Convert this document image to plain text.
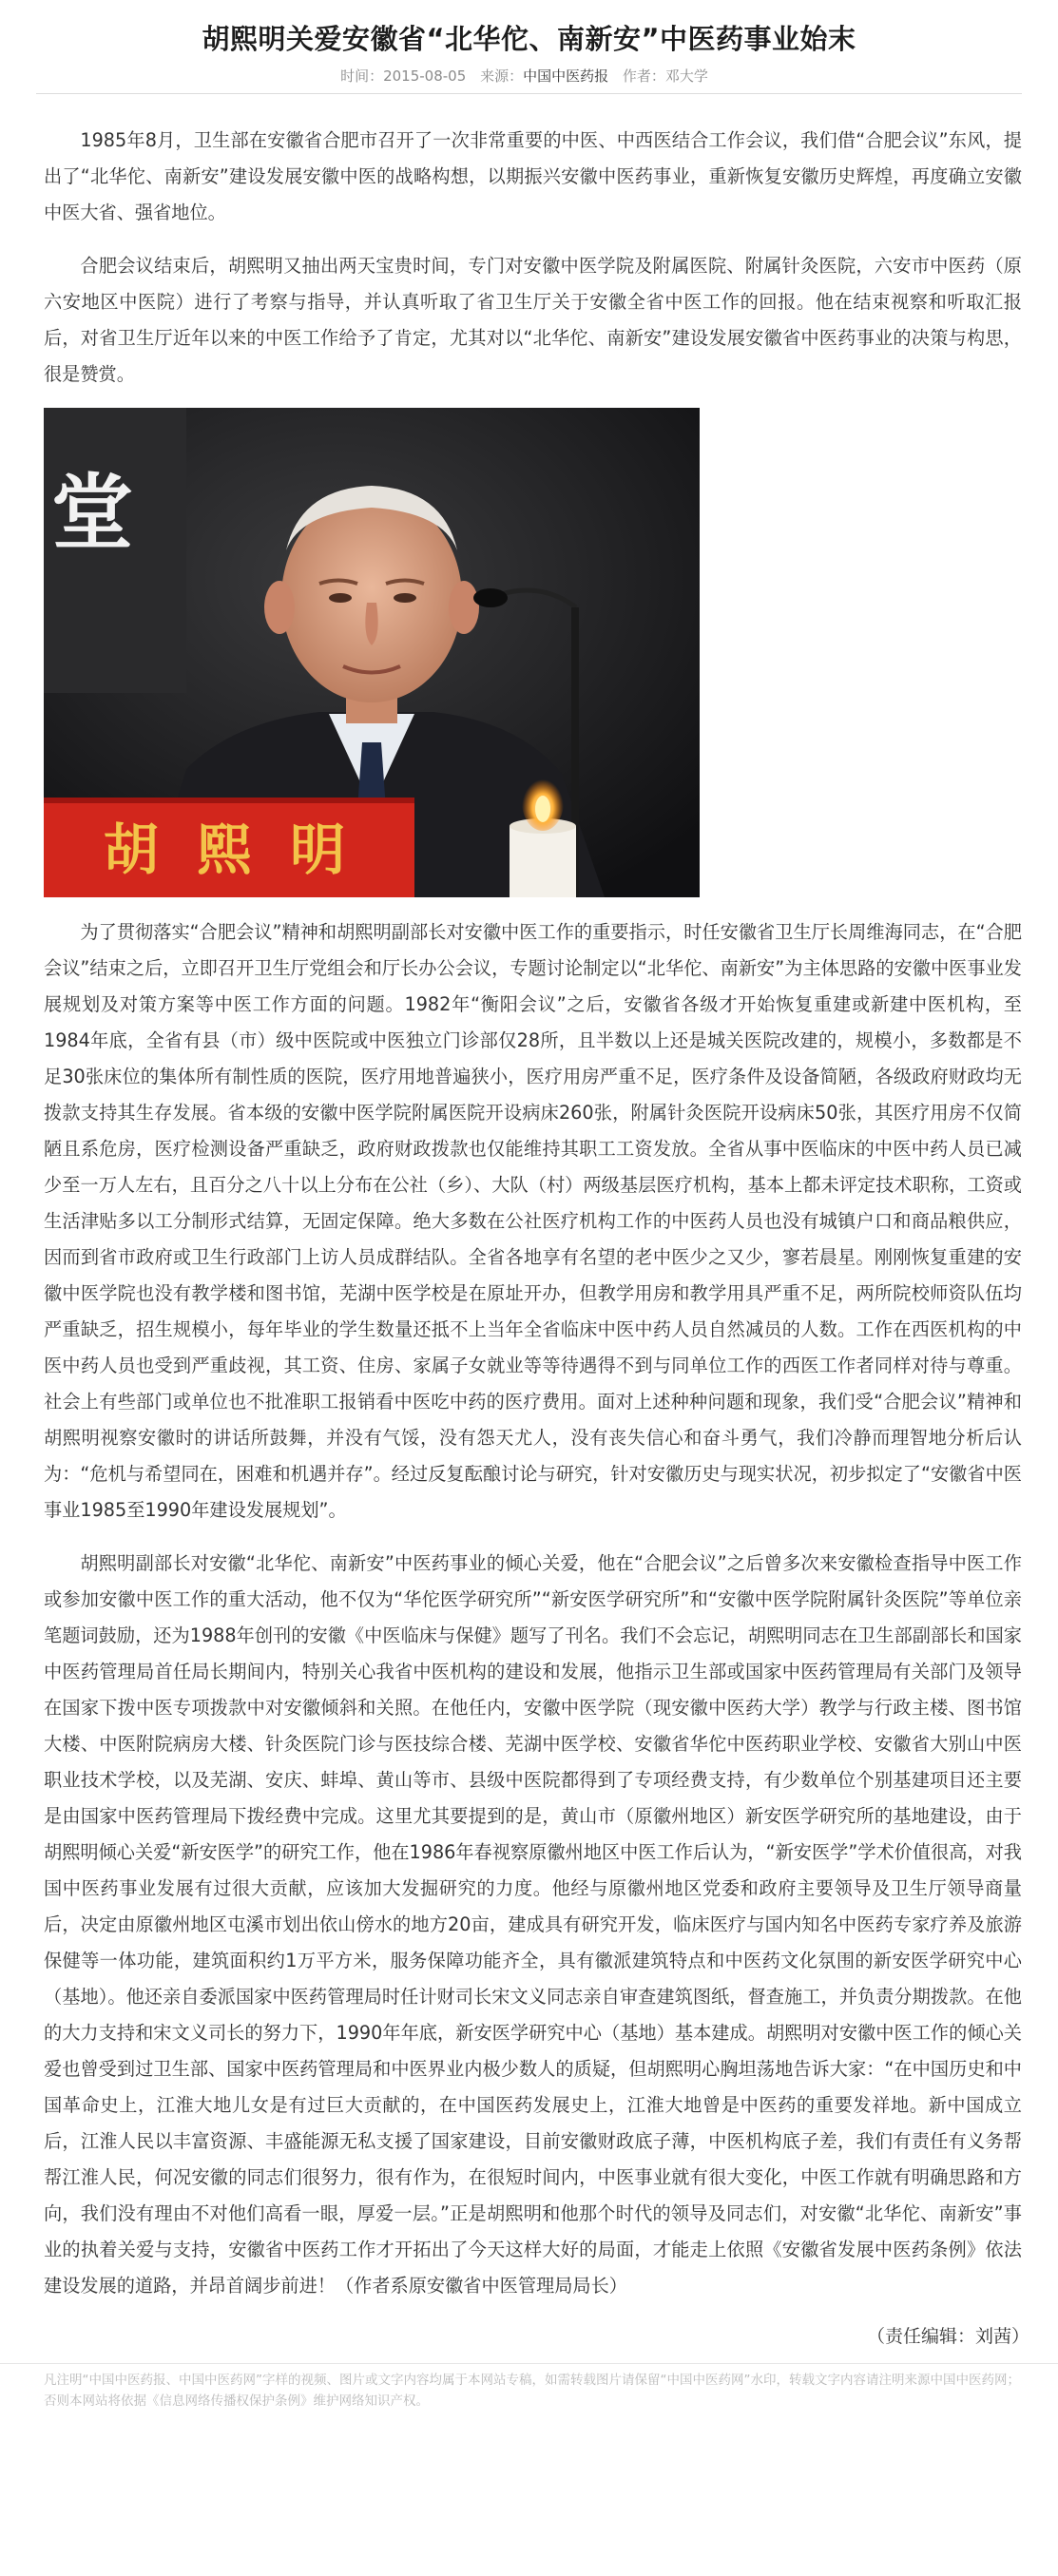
胡熙明关爱安徽省“北华佗、南新安”中医药事业始末
时间：2015-08-05 来源：中国中医药报 作者：邓大学

1985年8月，卫生部在安徽省合肥市召开了一次非常重要的中医、中西医结合工作会议，我们借“合肥会议”东风，提出了“北华佗、南新安”建设发展安徽中医的战略构想，以期振兴安徽中医药事业，重新恢复安徽历史辉煌，再度确立安徽中医大省、强省地位。

合肥会议结束后，胡熙明又抽出两天宝贵时间，专门对安徽中医学院及附属医院、附属针灸医院，六安市中医药（原六安地区中医院）进行了考察与指导，并认真听取了省卫生厅关于安徽全省中医工作的回报。他在结束视察和听取汇报后，对省卫生厅近年以来的中医工作给予了肯定，尤其对以“北华佗、南新安”建设发展安徽省中医药事业的决策与构思，很是赞赏。

堂
胡 熙 明

为了贯彻落实“合肥会议”精神和胡熙明副部长对安徽中医工作的重要指示，时任安徽省卫生厅长周维海同志，在“合肥会议”结束之后，立即召开卫生厅党组会和厅长办公会议，专题讨论制定以“北华佗、南新安”为主体思路的安徽中医事业发展规划及对策方案等中医工作方面的问题。1982年“衡阳会议”之后，安徽省各级才开始恢复重建或新建中医机构，至1984年底，全省有县（市）级中医院或中医独立门诊部仅28所，且半数以上还是城关医院改建的，规模小，多数都是不足30张床位的集体所有制性质的医院，医疗用地普遍狭小，医疗用房严重不足，医疗条件及设备简陋，各级政府财政均无拨款支持其生存发展。省本级的安徽中医学院附属医院开设病床260张，附属针灸医院开设病床50张，其医疗用房不仅简陋且系危房，医疗检测设备严重缺乏，政府财政拨款也仅能维持其职工工资发放。全省从事中医临床的中医中药人员已减少至一万人左右，且百分之八十以上分布在公社（乡）、大队（村）两级基层医疗机构，基本上都未评定技术职称，工资或生活津贴多以工分制形式结算，无固定保障。绝大多数在公社医疗机构工作的中医药人员也没有城镇户口和商品粮供应，因而到省市政府或卫生行政部门上访人员成群结队。全省各地享有名望的老中医少之又少，寥若晨星。刚刚恢复重建的安徽中医学院也没有教学楼和图书馆，芜湖中医学校是在原址开办，但教学用房和教学用具严重不足，两所院校师资队伍均严重缺乏，招生规模小，每年毕业的学生数量还抵不上当年全省临床中医中药人员自然减员的人数。工作在西医机构的中医中药人员也受到严重歧视，其工资、住房、家属子女就业等等待遇得不到与同单位工作的西医工作者同样对待与尊重。社会上有些部门或单位也不批准职工报销看中医吃中药的医疗费用。面对上述种种问题和现象，我们受“合肥会议”精神和胡熙明视察安徽时的讲话所鼓舞，并没有气馁，没有怨天尤人，没有丧失信心和奋斗勇气，我们冷静而理智地分析后认为：“危机与希望同在，困难和机遇并存”。经过反复酝酿讨论与研究，针对安徽历史与现实状况，初步拟定了“安徽省中医事业1985至1990年建设发展规划”。

胡熙明副部长对安徽“北华佗、南新安”中医药事业的倾心关爱，他在“合肥会议”之后曾多次来安徽检查指导中医工作或参加安徽中医工作的重大活动，他不仅为“华佗医学研究所”“新安医学研究所”和“安徽中医学院附属针灸医院”等单位亲笔题词鼓励，还为1988年创刊的安徽《中医临床与保健》题写了刊名。我们不会忘记，胡熙明同志在卫生部副部长和国家中医药管理局首任局长期间内，特别关心我省中医机构的建设和发展，他指示卫生部或国家中医药管理局有关部门及领导在国家下拨中医专项拨款中对安徽倾斜和关照。在他任内，安徽中医学院（现安徽中医药大学）教学与行政主楼、图书馆大楼、中医附院病房大楼、针灸医院门诊与医技综合楼、芜湖中医学校、安徽省华佗中医药职业学校、安徽省大别山中医职业技术学校，以及芜湖、安庆、蚌埠、黄山等市、县级中医院都得到了专项经费支持，有少数单位个别基建项目还主要是由国家中医药管理局下拨经费中完成。这里尤其要提到的是，黄山市（原徽州地区）新安医学研究所的基地建设，由于胡熙明倾心关爱“新安医学”的研究工作，他在1986年春视察原徽州地区中医工作后认为，“新安医学”学术价值很高，对我国中医药事业发展有过很大贡献，应该加大发掘研究的力度。他经与原徽州地区党委和政府主要领导及卫生厅领导商量后，决定由原徽州地区屯溪市划出依山傍水的地方20亩，建成具有研究开发，临床医疗与国内知名中医药专家疗养及旅游保健等一体功能，建筑面积约1万平方米，服务保障功能齐全，具有徽派建筑特点和中医药文化氛围的新安医学研究中心（基地）。他还亲自委派国家中医药管理局时任计财司长宋文义同志亲自审查建筑图纸，督查施工，并负责分期拨款。在他的大力支持和宋文义司长的努力下，1990年年底，新安医学研究中心（基地）基本建成。胡熙明对安徽中医工作的倾心关爱也曾受到过卫生部、国家中医药管理局和中医界业内极少数人的质疑，但胡熙明心胸坦荡地告诉大家：“在中国历史和中国革命史上，江淮大地儿女是有过巨大贡献的，在中国医药发展史上，江淮大地曾是中医药的重要发祥地。新中国成立后，江淮人民以丰富资源、丰盛能源无私支援了国家建设，目前安徽财政底子薄，中医机构底子差，我们有责任有义务帮帮江淮人民，何况安徽的同志们很努力，很有作为，在很短时间内，中医事业就有很大变化，中医工作就有明确思路和方向，我们没有理由不对他们高看一眼，厚爱一层。”正是胡熙明和他那个时代的领导及同志们，对安徽“北华佗、南新安”事业的执着关爱与支持，安徽省中医药工作才开拓出了今天这样大好的局面，才能走上依照《安徽省发展中医药条例》依法建设发展的道路，并昂首阔步前进！（作者系原安徽省中医管理局局长）

（责任编辑：刘茜）

凡注明“中国中医药报、中国中医药网”字样的视频、图片或文字内容均属于本网站专稿，如需转载图片请保留“中国中医药网”水印，转载文字内容请注明来源中国中医药网；否则本网站将依据《信息网络传播权保护条例》维护网络知识产权。
